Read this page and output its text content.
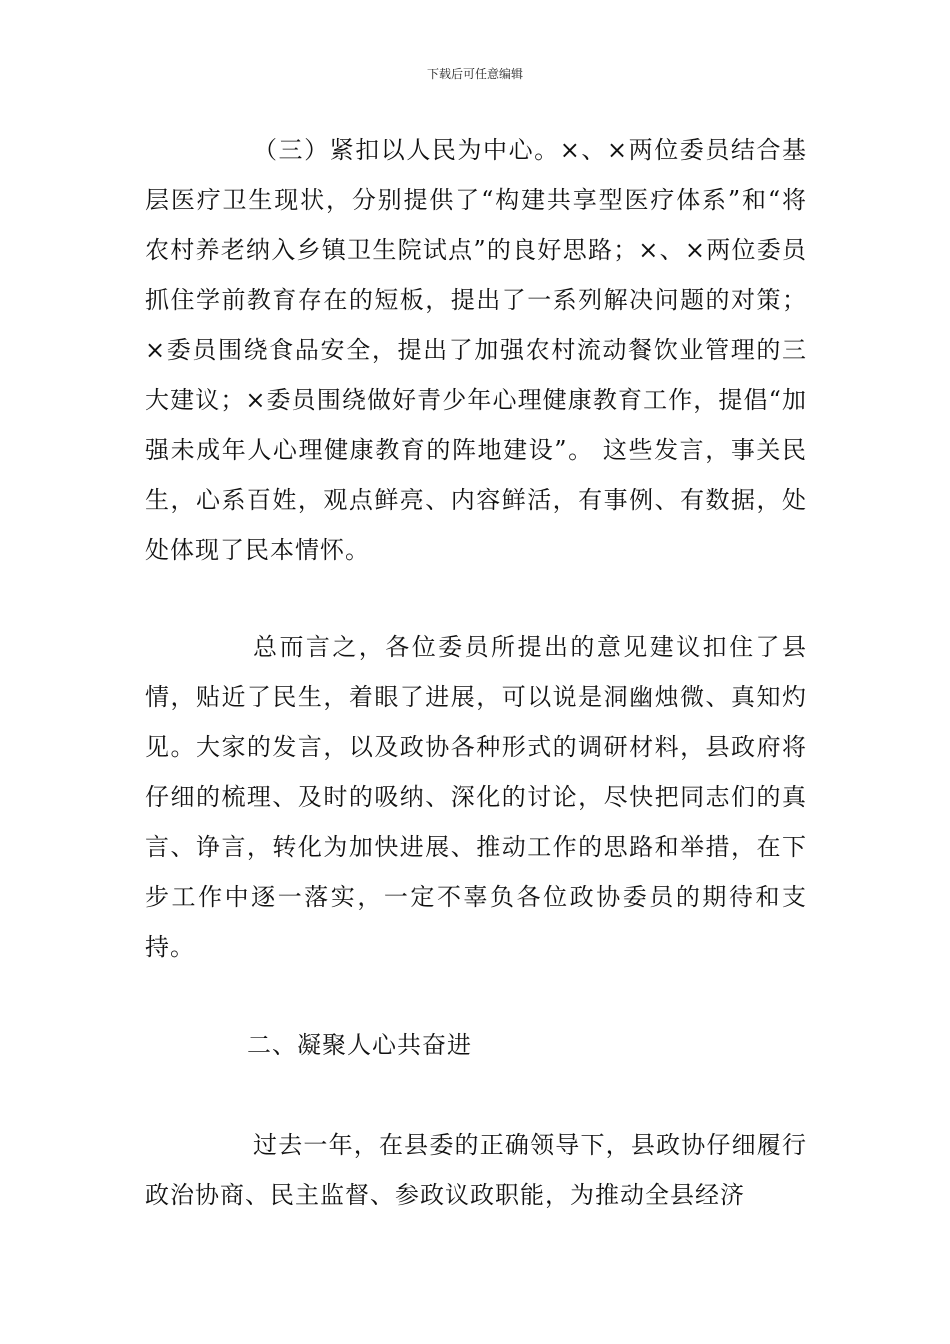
下载后可任意编辑

（三）紧扣以人民为中心。×、×两位委员结合基层医疗卫生现状，分别提供了“构建共享型医疗体系”和“将农村养老纳入乡镇卫生院试点”的良好思路；×、×两位委员抓住学前教育存在的短板，提出了一系列解决问题的对策；×委员围绕食品安全，提出了加强农村流动餐饮业管理的三大建议；×委员围绕做好青少年心理健康教育工作，提倡“加强未成年人心理健康教育的阵地建设”。 这些发言，事关民生，心系百姓，观点鲜亮、内容鲜活，有事例、有数据，处处体现了民本情怀。

总而言之，各位委员所提出的意见建议扣住了县情，贴近了民生，着眼了进展，可以说是洞幽烛微、真知灼见。大家的发言，以及政协各种形式的调研材料，县政府将仔细的梳理、及时的吸纳、深化的讨论，尽快把同志们的真言、诤言，转化为加快进展、推动工作的思路和举措，在下步工作中逐一落实，一定不辜负各位政协委员的期待和支持。

二、凝聚人心共奋进

过去一年，在县委的正确领导下，县政协仔细履行政治协商、民主监督、参政议政职能，为推动全县经济
